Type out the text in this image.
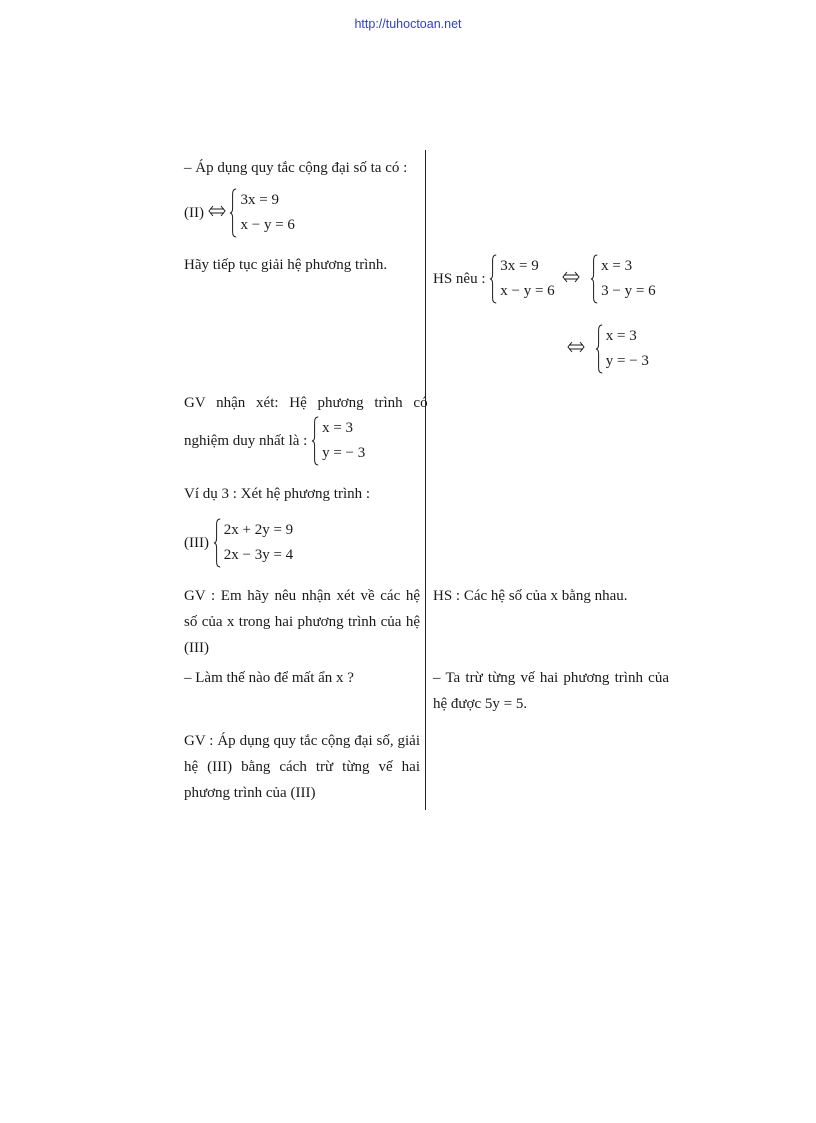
http://tuhoctoan.net
– Áp dụng quy tắc cộng đại số ta có :
(II)
3x = 9
x − y = 6
Hãy tiếp tục giải hệ phương trình.
GV nhận xét: Hệ phương trình có
nghiệm duy nhất là :
x = 3
y = − 3
Ví dụ 3 : Xét hệ phương trình :
(III)
2x + 2y = 9
2x − 3y = 4
GV : Em hãy nêu nhận xét về các hệ số của x trong hai phương trình của hệ (III)
– Làm thế nào để mất ẩn x ?
GV : Áp dụng quy tắc cộng đại số, giải hệ (III) bằng cách trừ từng vế hai phương trình của (III)
HS nêu :
3x = 9
x − y = 6

x = 3
3 − y = 6

x = 3
y = − 3
HS : Các hệ số của x bằng nhau.
– Ta trừ từng vế hai phương trình của hệ được 5y = 5.
